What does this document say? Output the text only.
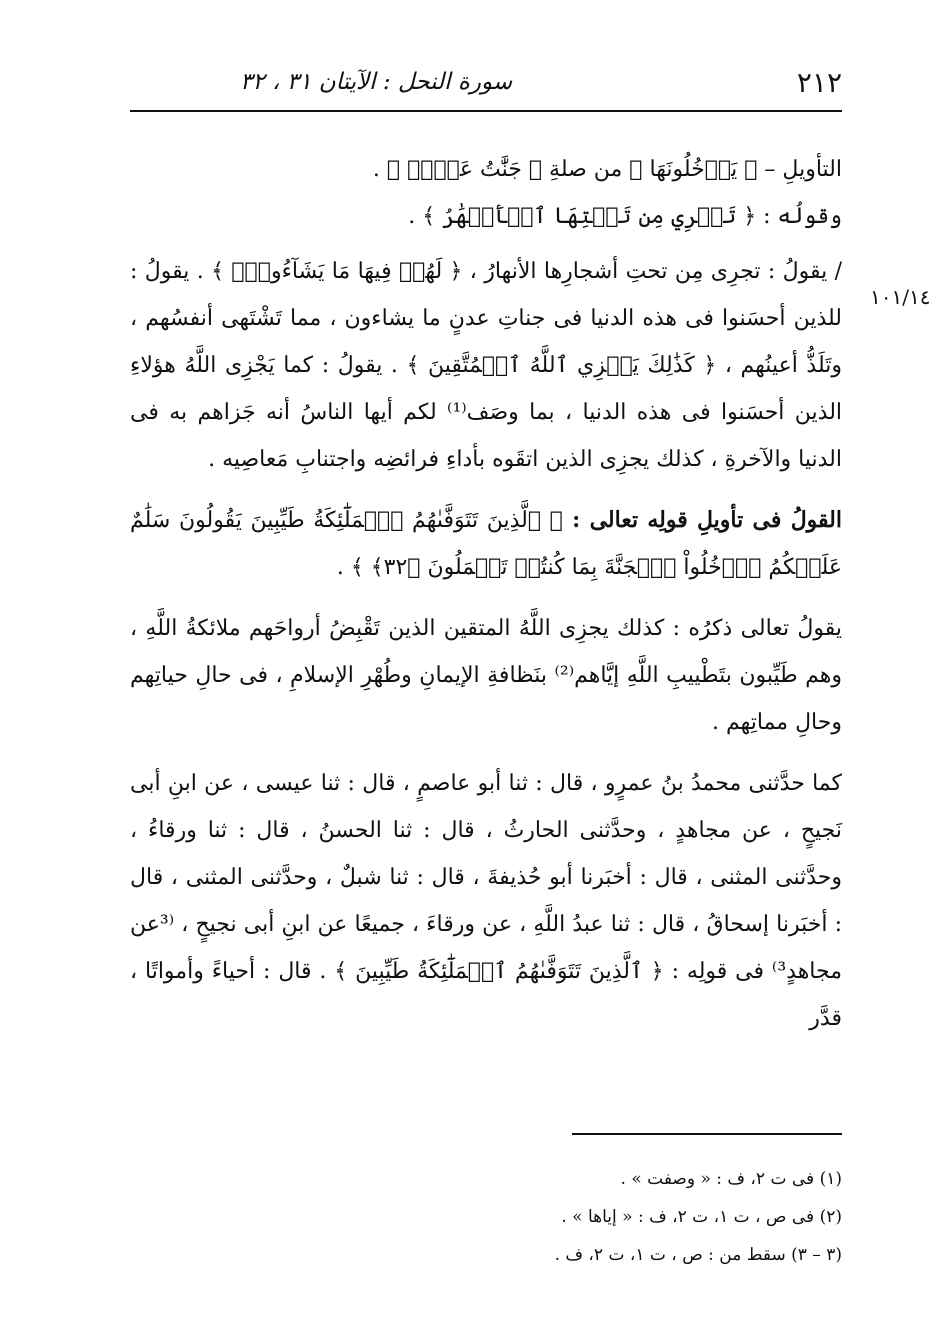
٢١٢
سورة النحل : الآيتان ٣١ ، ٣٢
١٠١/١٤

التأويلِ – ﴿ يَدۡخُلُونَهَا ﴾ من صلةِ ﴿ جَنَّٰتُ عَدۡنٖ ﴾ .

وقولُه : ﴿ تَجۡرِي مِن تَحۡتِهَا ٱلۡأَنۡهَٰرُ ﴾ .

/ يقولُ : تجرِى مِن تحتِ أشجارِها الأنهارُ ، ﴿ لَهُمۡ فِيهَا مَا يَشَآءُونَۚ ﴾ . يقولُ : للذين أحسَنوا فى هذه الدنيا فى جناتِ عدنٍ ما يشاءون ، مما تَشْتَهى أنفسُهم ، وتَلَذُّ أعينُهم ، ﴿ كَذَٰلِكَ يَجۡزِي ٱللَّهُ ٱلۡمُتَّقِينَ ﴾ . يقولُ : كما يَجْزِى اللَّهُ هؤلاءِ الذين أحسَنوا فى هذه الدنيا ، بما وصَف⁽¹⁾ لكم أيها الناسُ أنه جَزاهم به فى الدنيا والآخرةِ ، كذلك يجزِى الذين اتقَوه بأداءِ فرائضِه واجتنابِ مَعاصِيه .

القولُ فى تأويلِ قولِه تعالى : ﴿ ٱلَّذِينَ تَتَوَفَّىٰهُمُ ٱلۡمَلَٰٓئِكَةُ طَيِّبِينَ يَقُولُونَ سَلَٰمٌ عَلَيۡكُمُ ٱدۡخُلُواْ ٱلۡجَنَّةَ بِمَا كُنتُمۡ تَعۡمَلُونَ ﴿٣٢﴾ ﴾ .

يقولُ تعالى ذكرُه : كذلك يجزِى اللَّهُ المتقين الذين تَقْبِضُ أرواحَهم ملائكةُ اللَّهِ ، وهم طَيِّبون بتَطْييبِ اللَّهِ إيَّاهم⁽²⁾ بنَظافةِ الإيمانِ وطُهْرِ الإسلامِ ، فى حالِ حياتِهم وحالِ مماتِهم .

كما حدَّثنى محمدُ بنُ عمرٍو ، قال : ثنا أبو عاصمٍ ، قال : ثنا عيسى ، عن ابنِ أبى نَجيحٍ ، عن مجاهدٍ ، وحدَّثنى الحارثُ ، قال : ثنا الحسنُ ، قال : ثنا ورقاءُ ، وحدَّثنى المثنى ، قال : أخبَرنا أبو حُذيفةَ ، قال : ثنا شبلٌ ، وحدَّثنى المثنى ، قال : أخبَرنا إسحاقُ ، قال : ثنا عبدُ اللَّهِ ، عن ورقاءَ ، جميعًا عن ابنِ أبى نجيحٍ ، ⁽³عن مجاهدٍ³⁾ فى قولِه : ﴿ ٱلَّذِينَ تَتَوَفَّىٰهُمُ ٱلۡمَلَٰٓئِكَةُ طَيِّبِينَ ﴾ . قال : أحياءً وأمواتًا ، قدَّر

(١) فى ت ٢، ف : « وصفت » .

(٢) فى ص ، ت ١، ت ٢، ف : « إياها » .

(٣ – ٣) سقط من : ص ، ت ١، ت ٢، ف .
